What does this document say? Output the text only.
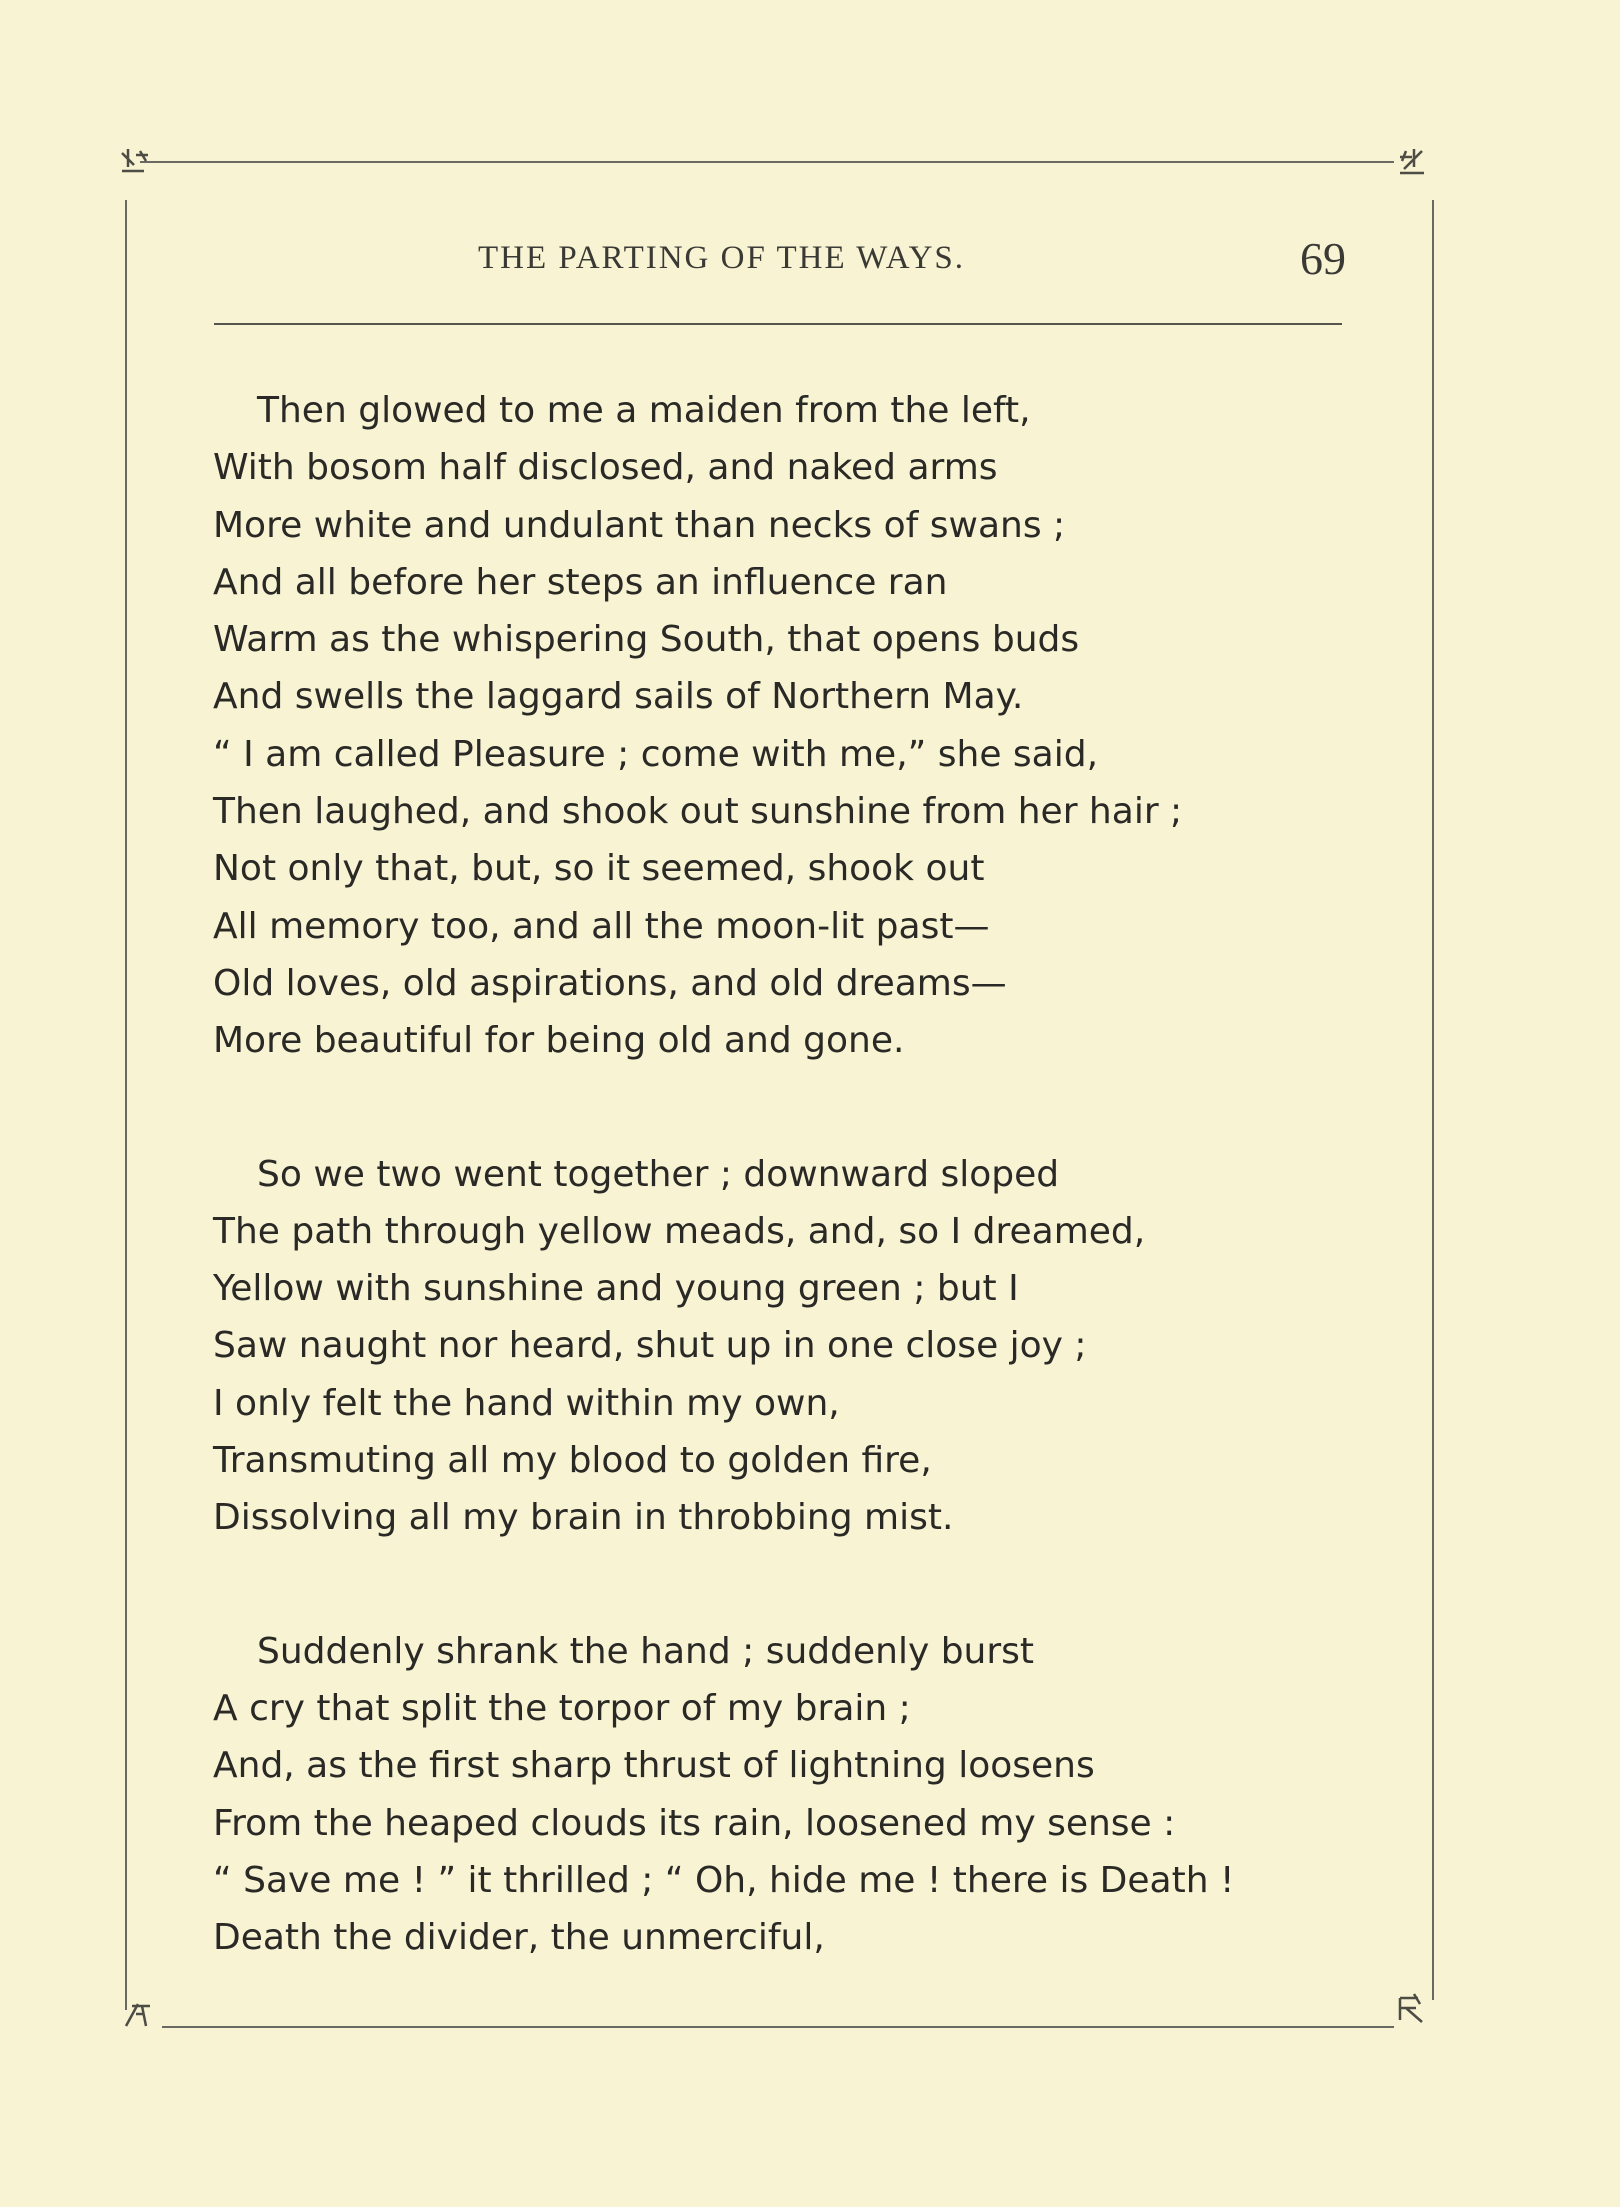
THE PARTING OF THE WAYS.	69
Then glowed to me a maiden from the left,
With bosom half disclosed, and naked arms
More white and undulant than necks of swans ;
And all before her steps an influence ran
Warm as the whispering South, that opens buds
And swells the laggard sails of Northern May.
“ I am called Pleasure ; come with me,” she said,
Then laughed, and shook out sunshine from her hair ;
Not only that, but, so it seemed, shook out
All memory too, and all the moon-lit past—
Old loves, old aspirations, and old dreams—
More beautiful for being old and gone.
So we two went together ; downward sloped
The path through yellow meads, and, so I dreamed,
Yellow with sunshine and young green ; but I
Saw naught nor heard, shut up in one close joy ;
I only felt the hand within my own,
Transmuting all my blood to golden fire,
Dissolving all my brain in throbbing mist.
Suddenly shrank the hand ; suddenly burst
A cry that split the torpor of my brain ;
And, as the first sharp thrust of lightning loosens
From the heaped clouds its rain, loosened my sense :
“ Save me ! ” it thrilled ; “ Oh, hide me ! there is Death !
Death the divider, the unmerciful,
